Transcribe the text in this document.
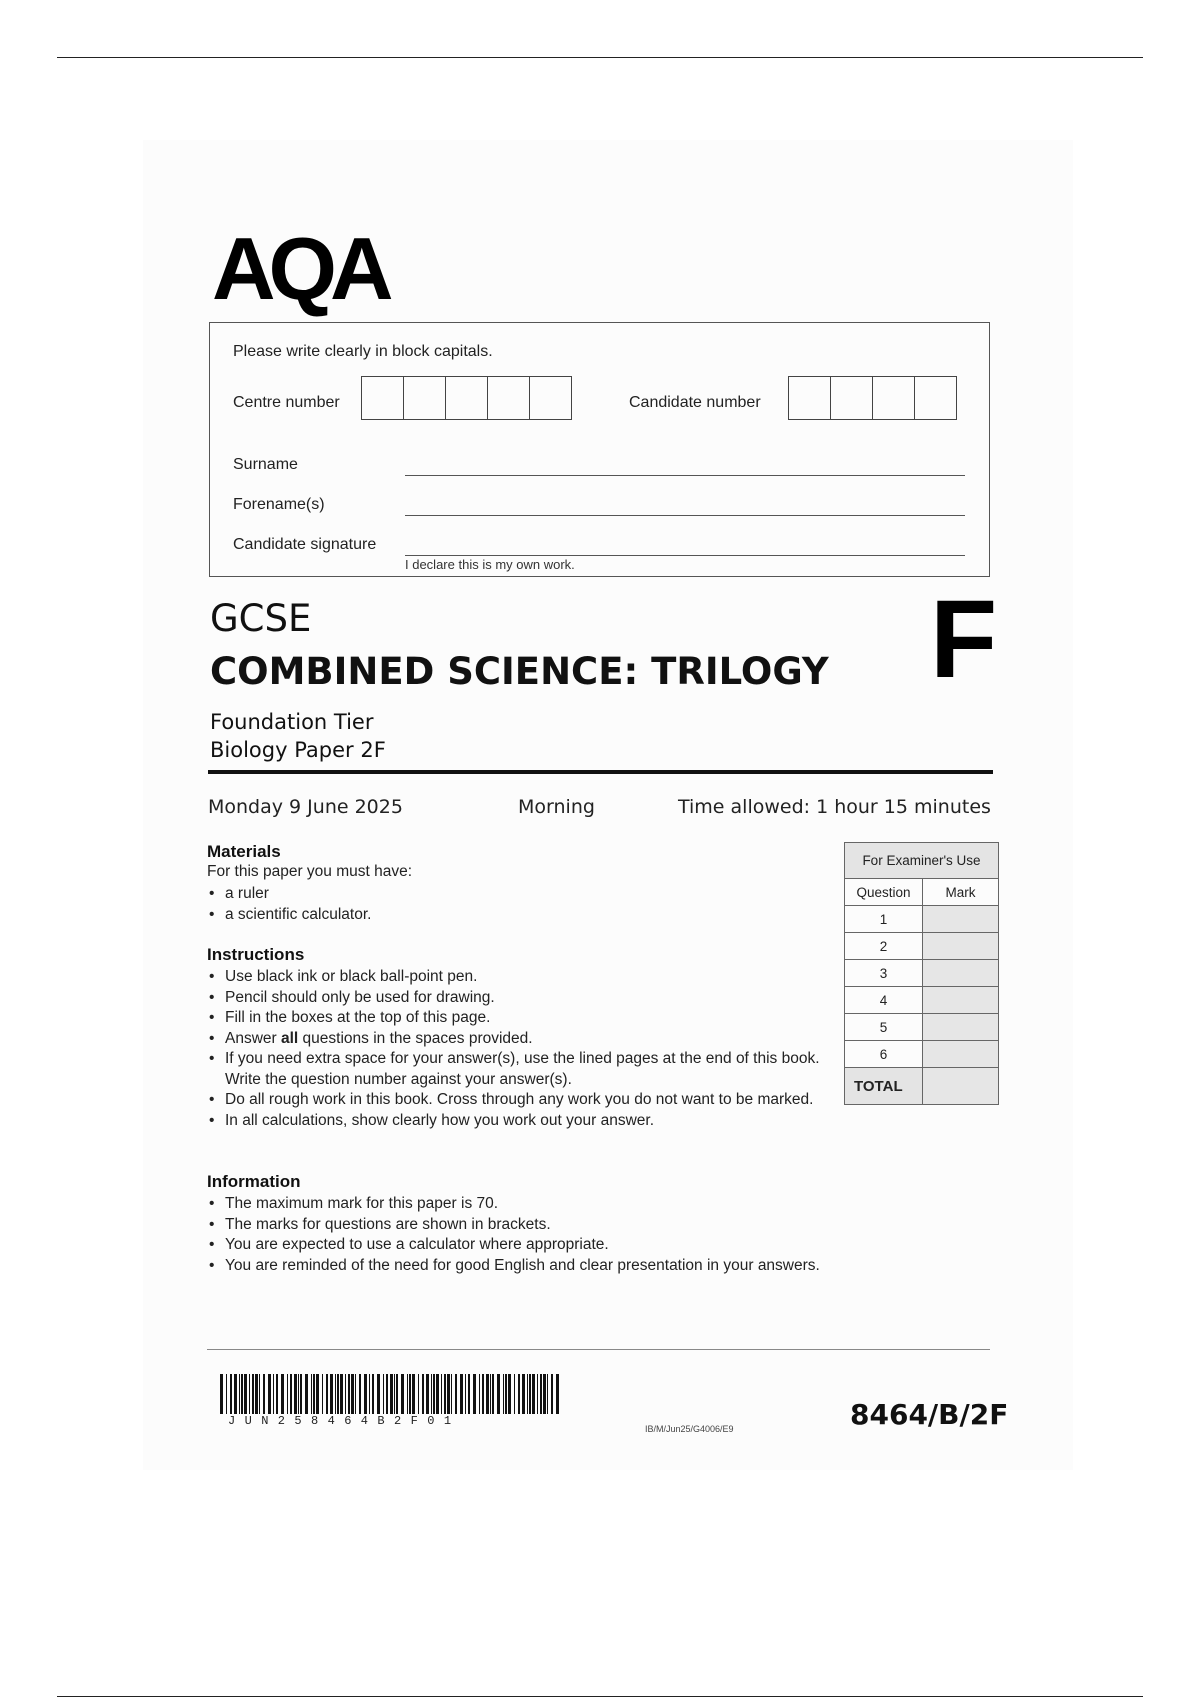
AQA
Please write clearly in block capitals.
Centre number	Candidate number
Surname
Forename(s)
Candidate signature
I declare this is my own work.
GCSE
COMBINED SCIENCE: TRILOGY F
Foundation Tier
Biology Paper 2F
Monday 9 June 2025	Morning	Time allowed: 1 hour 15 minutes
Materials
For this paper you must have:
• a ruler
• a scientific calculator.
Instructions
• Use black ink or black ball-point pen.
• Pencil should only be used for drawing.
• Fill in the boxes at the top of this page.
• Answer all questions in the spaces provided.
• If you need extra space for your answer(s), use the lined pages at the end of this book. Write the question number against your answer(s).
• Do all rough work in this book. Cross through any work you do not want to be marked.
• In all calculations, show clearly how you work out your answer.
Information
• The maximum mark for this paper is 70.
• The marks for questions are shown in brackets.
• You are expected to use a calculator where appropriate.
• You are reminded of the need for good English and clear presentation in your answers.
For Examiner's Use	
Question	Mark
1	
2	
3	
4	
5	
6	
TOTAL	
JUN258464B2F01
IB/M/Jun25/G4006/E9	8464/B/2F
